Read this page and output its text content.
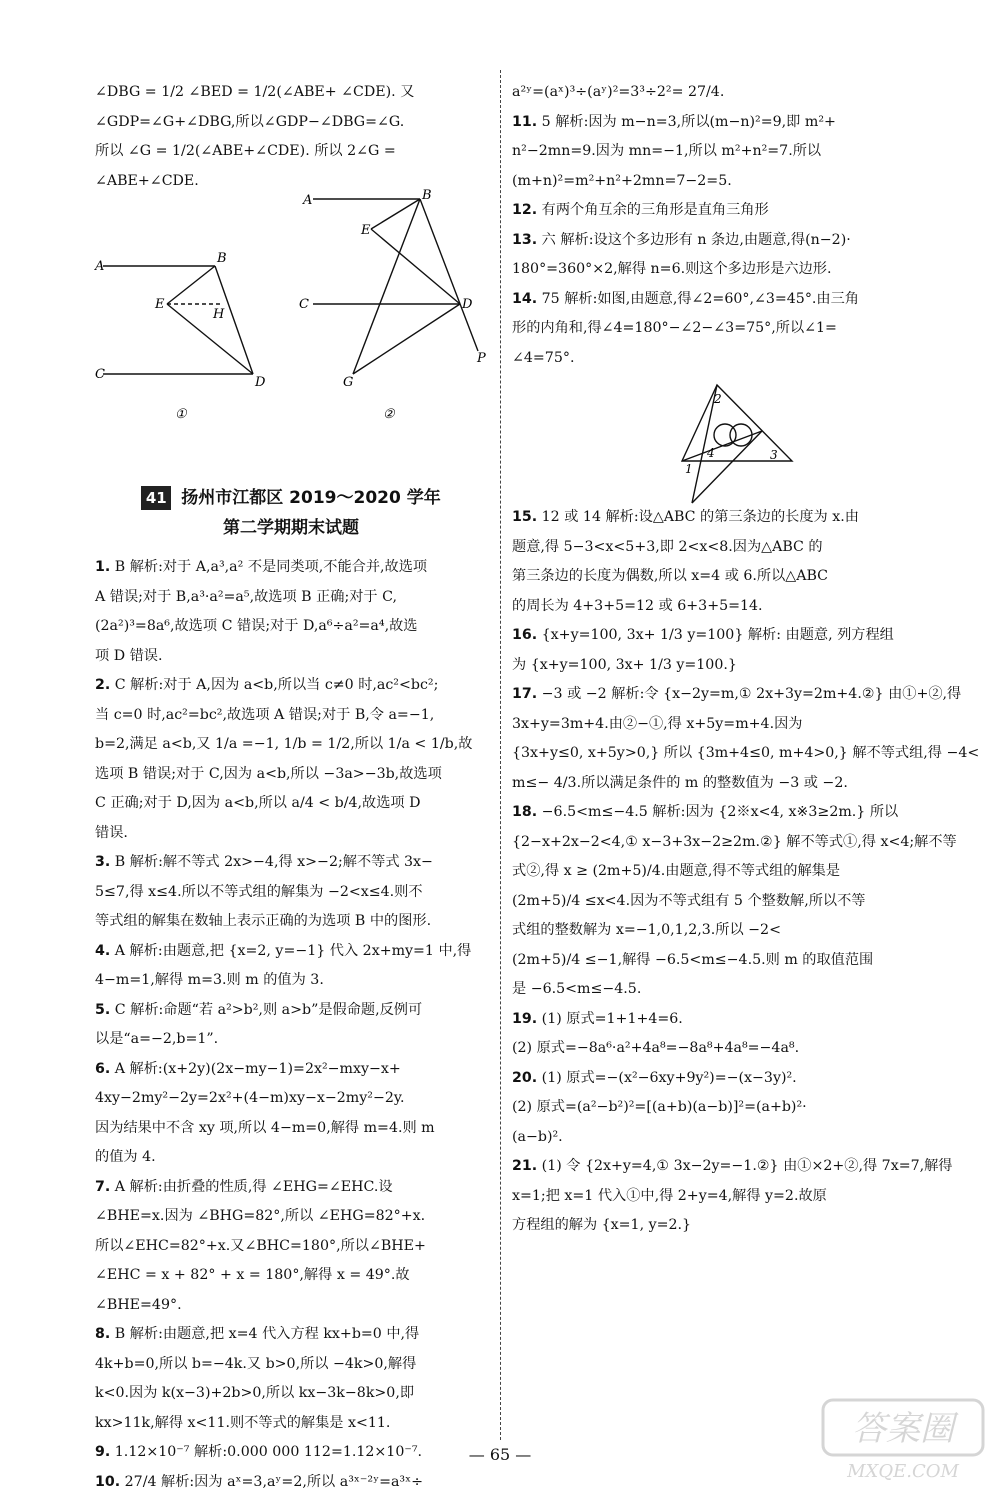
∠DBG = 1/2 ∠BED = 1/2(∠ABE+ ∠CDE). 又
∠GDP=∠G+∠DBG,所以∠GDP−∠DBG=∠G.
所以 ∠G = 1/2(∠ABE+∠CDE). 所以 2∠G =
∠ABE+∠CDE.
A
B
E
H
C
D
①
A	B
E
C	D
G
P
②
41 扬州市江都区 2019～2020 学年
第二学期期末试题
1. B 解析:对于 A,a³,a² 不是同类项,不能合并,故选项
A 错误;对于 B,a³·a²=a⁵,故选项 B 正确;对于 C,
(2a²)³=8a⁶,故选项 C 错误;对于 D,a⁶÷a²=a⁴,故选
项 D 错误.
2. C 解析:对于 A,因为 a<b,所以当 c≠0 时,ac²<bc²;
当 c=0 时,ac²=bc²,故选项 A 错误;对于 B,令 a=−1,
b=2,满足 a<b,又 1/a =−1, 1/b = 1/2,所以 1/a < 1/b,故
选项 B 错误;对于 C,因为 a<b,所以 −3a>−3b,故选项
C 正确;对于 D,因为 a<b,所以 a/4 < b/4,故选项 D
错误.
3. B 解析:解不等式 2x>−4,得 x>−2;解不等式 3x−
5≤7,得 x≤4.所以不等式组的解集为 −2<x≤4.则不
等式组的解集在数轴上表示正确的为选项 B 中的图形.
4. A 解析:由题意,把 {x=2, y=−1} 代入 2x+my=1 中,得
4−m=1,解得 m=3.则 m 的值为 3.
5. C 解析:命题“若 a²>b²,则 a>b”是假命题,反例可
以是“a=−2,b=1”.
6. A 解析:(x+2y)(2x−my−1)=2x²−mxy−x+
4xy−2my²−2y=2x²+(4−m)xy−x−2my²−2y.
因为结果中不含 xy 项,所以 4−m=0,解得 m=4.则 m
的值为 4.
7. A 解析:由折叠的性质,得 ∠EHG=∠EHC.设
∠BHE=x.因为 ∠BHG=82°,所以 ∠EHG=82°+x.
所以∠EHC=82°+x.又∠BHC=180°,所以∠BHE+
∠EHC = x + 82° + x = 180°,解得 x = 49°.故
∠BHE=49°.
8. B 解析:由题意,把 x=4 代入方程 kx+b=0 中,得
4k+b=0,所以 b=−4k.又 b>0,所以 −4k>0,解得
k<0.因为 k(x−3)+2b>0,所以 kx−3k−8k>0,即
kx>11k,解得 x<11.则不等式的解集是 x<11.
9. 1.12×10⁻⁷ 解析:0.000 000 112=1.12×10⁻⁷.
10. 27/4 解析:因为 aˣ=3,aʸ=2,所以 a³ˣ⁻²ʸ=a³ˣ÷
a²ʸ=(aˣ)³÷(aʸ)²=3³÷2²= 27/4.
11. 5 解析:因为 m−n=3,所以(m−n)²=9,即 m²+
n²−2mn=9.因为 mn=−1,所以 m²+n²=7.所以
(m+n)²=m²+n²+2mn=7−2=5.
12. 有两个角互余的三角形是直角三角形
13. 六 解析:设这个多边形有 n 条边,由题意,得(n−2)·
180°=360°×2,解得 n=6.则这个多边形是六边形.
14. 75 解析:如图,由题意,得∠2=60°,∠3=45°.由三角
形的内角和,得∠4=180°−∠2−∠3=75°,所以∠1=
∠4=75°.
2
4	3
1
15. 12 或 14 解析:设△ABC 的第三条边的长度为 x.由
题意,得 5−3<x<5+3,即 2<x<8.因为△ABC 的
第三条边的长度为偶数,所以 x=4 或 6.所以△ABC
的周长为 4+3+5=12 或 6+3+5=14.
16. {x+y=100, 3x+ 1/3 y=100} 解析: 由题意, 列方程组
为 {x+y=100, 3x+ 1/3 y=100.}
17. −3 或 −2 解析:令 {x−2y=m,① 2x+3y=2m+4.②} 由①+②,得
3x+y=3m+4.由②−①,得 x+5y=m+4.因为
{3x+y≤0, x+5y>0,} 所以 {3m+4≤0, m+4>0,} 解不等式组,得 −4<
m≤− 4/3.所以满足条件的 m 的整数值为 −3 或 −2.
18. −6.5<m≤−4.5 解析:因为 {2※x<4, x※3≥2m.} 所以
{2−x+2x−2<4,① x−3+3x−2≥2m.②} 解不等式①,得 x<4;解不等
式②,得 x ≥ (2m+5)/4.由题意,得不等式组的解集是
(2m+5)/4 ≤x<4.因为不等式组有 5 个整数解,所以不等
式组的整数解为 x=−1,0,1,2,3.所以 −2<
(2m+5)/4 ≤−1,解得 −6.5<m≤−4.5.则 m 的取值范围
是 −6.5<m≤−4.5.
19. (1) 原式=1+1+4=6.
(2) 原式=−8a⁶·a²+4a⁸=−8a⁸+4a⁸=−4a⁸.
20. (1) 原式=−(x²−6xy+9y²)=−(x−3y)².
(2) 原式=(a²−b²)²=[(a+b)(a−b)]²=(a+b)²·
(a−b)².
21. (1) 令 {2x+y=4,① 3x−2y=−1.②} 由①×2+②,得 7x=7,解得
x=1;把 x=1 代入①中,得 2+y=4,解得 y=2.故原
方程组的解为 {x=1, y=2.}
— 65 —
答案圈
MXQE.COM
